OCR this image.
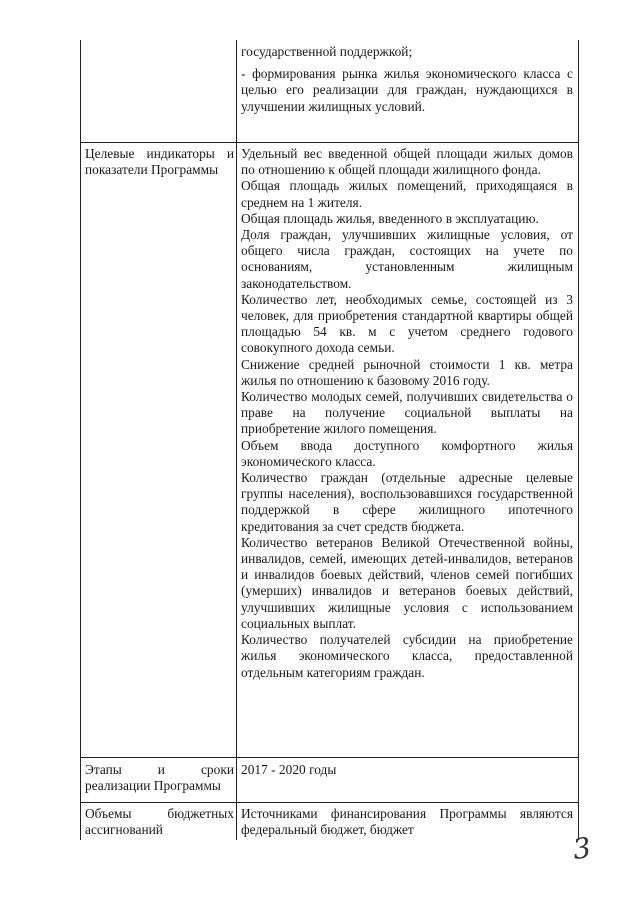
государственной поддержкой;

- формирования рынка жилья экономического класса с целью его реализации для граждан, нуждающихся в улучшении жилищных условий.

Целевые индикаторы и показатели Программы

Удельный вес введенной общей площади жилых домов по отношению к общей площади жилищного фонда.

Общая площадь жилых помещений, приходящаяся в среднем на 1 жителя.

Общая площадь жилья, введенного в эксплуатацию.

Доля граждан, улучшивших жилищные условия, от общего числа граждан, состоящих на учете по основаниям, установленным жилищным законодательством.

Количество лет, необходимых семье, состоящей из 3 человек, для приобретения стандартной квартиры общей площадью 54 кв. м с учетом среднего годового совокупного дохода семьи.

Снижение средней рыночной стоимости 1 кв. метра жилья по отношению к базовому 2016 году.

Количество молодых семей, получивших свидетельства о праве на получение социальной выплаты на приобретение жилого помещения.

Объем ввода доступного комфортного жилья экономического класса.

Количество граждан (отдельные адресные целевые группы населения), воспользовавшихся государственной поддержкой в сфере жилищного ипотечного кредитования за счет средств бюджета.

Количество ветеранов Великой Отечественной войны, инвалидов, семей, имеющих детей-инвалидов, ветеранов и инвалидов боевых действий, членов семей погибших (умерших) инвалидов и ветеранов боевых действий, улучшивших жилищные условия с использованием социальных выплат.

Количество получателей субсидии на приобретение жилья экономического класса, предоставленной отдельным категориям граждан.

Этапы и сроки реализации Программы
2017 - 2020 годы
Объемы бюджетных ассигнований
Источниками финансирования Программы являются федеральный бюджет, бюджет
3
